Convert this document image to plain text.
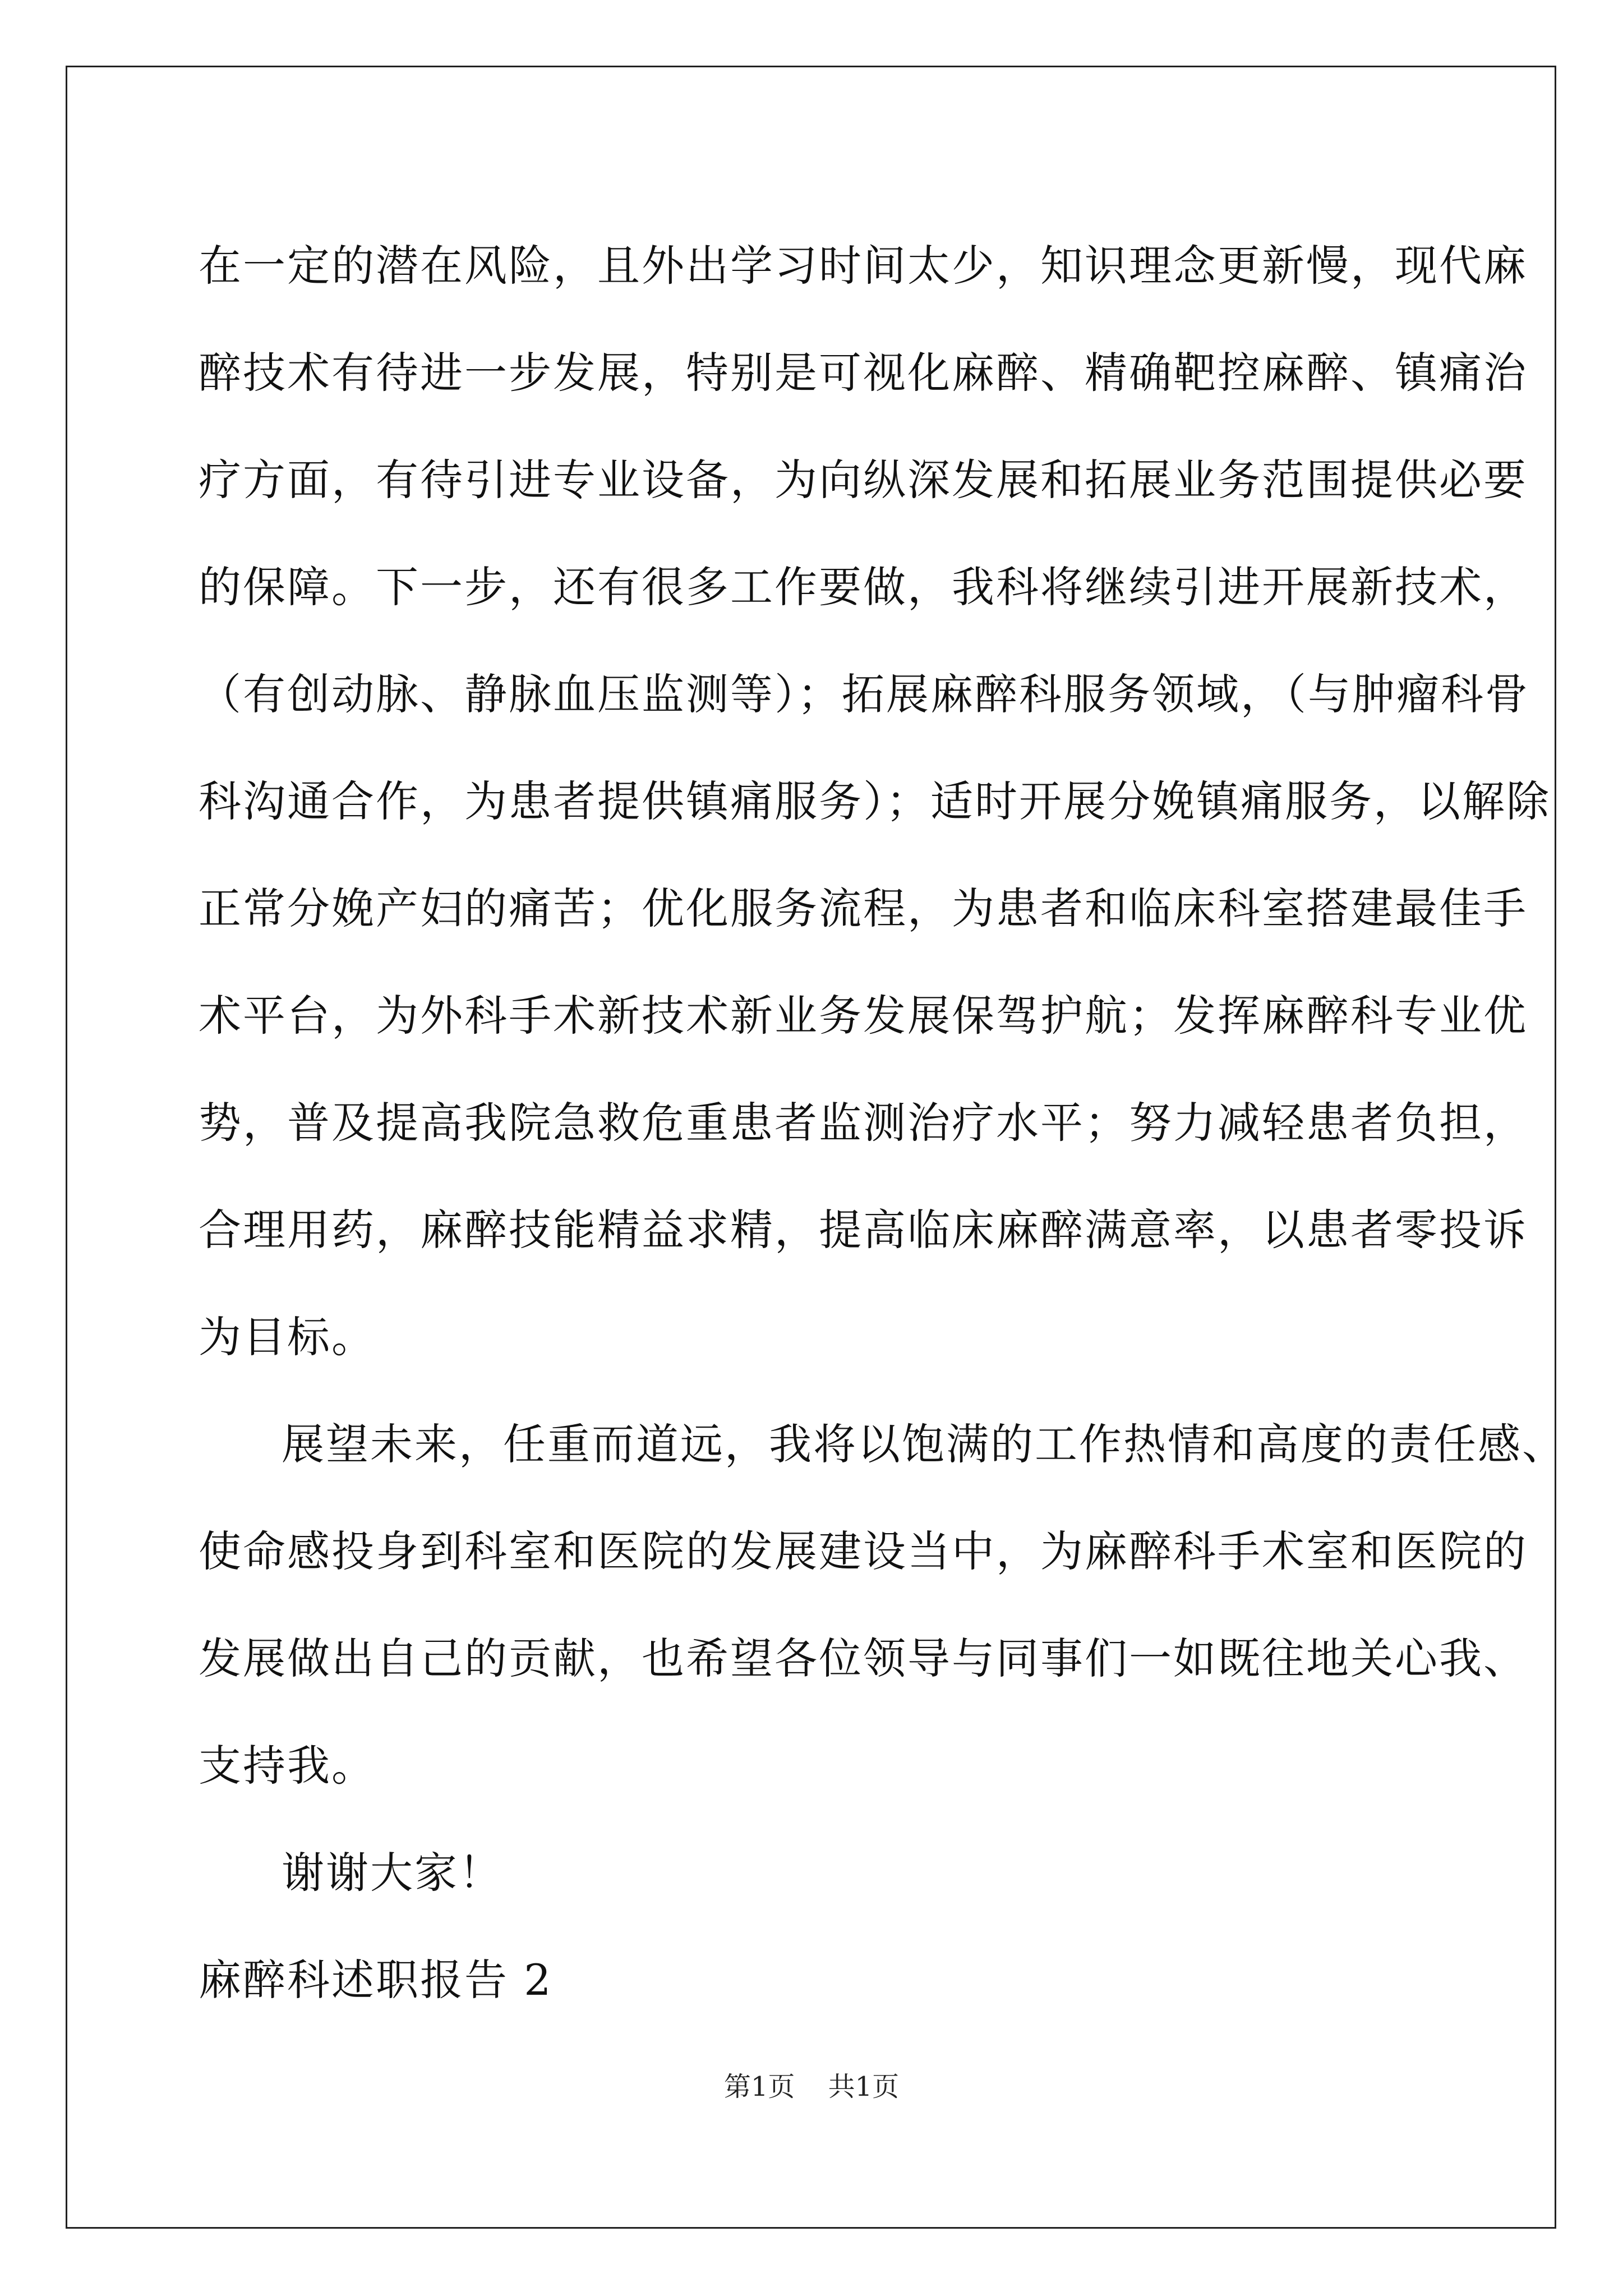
在一定的潜在风险，且外出学习时间太少，知识理念更新慢，现代麻
醉技术有待进一步发展，特别是可视化麻醉、精确靶控麻醉、镇痛治
疗方面，有待引进专业设备，为向纵深发展和拓展业务范围提供必要
的保障。下一步，还有很多工作要做，我科将继续引进开展新技术，
（有创动脉、静脉血压监测等）；拓展麻醉科服务领域，（与肿瘤科骨
科沟通合作，为患者提供镇痛服务）；适时开展分娩镇痛服务，以解除
正常分娩产妇的痛苦；优化服务流程，为患者和临床科室搭建最佳手
术平台，为外科手术新技术新业务发展保驾护航；发挥麻醉科专业优
势，普及提高我院急救危重患者监测治疗水平；努力减轻患者负担，
合理用药，麻醉技能精益求精，提高临床麻醉满意率，以患者零投诉
为目标。
展望未来，任重而道远，我将以饱满的工作热情和高度的责任感、
使命感投身到科室和医院的发展建设当中，为麻醉科手术室和医院的
发展做出自己的贡献，也希望各位领导与同事们一如既往地关心我、
支持我。
谢谢大家！
麻醉科述职报告 2
第1页 共1页
